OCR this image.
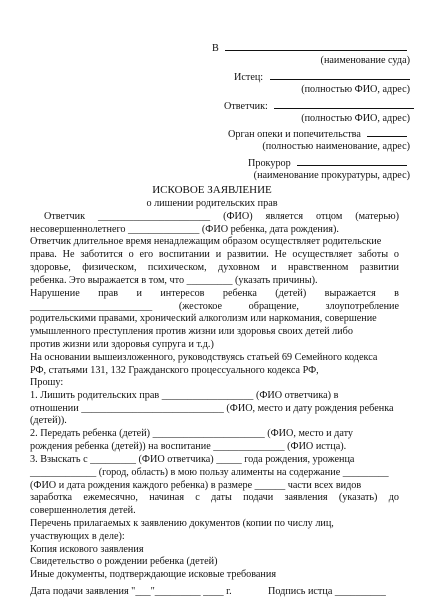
В
(наименование суда)
Истец:
(полностью ФИО, адрес)
Ответчик:
(полностью ФИО, адрес)
Орган опеки и попечительства
(полностью наименование, адрес)
Прокурор
(наименование прокуратуры, адрес)
ИСКОВОЕ ЗАЯВЛЕНИЕ
о лишении родительских прав
Ответчик ______________________ (ФИО) является отцом (матерью)
несовершеннолетнего ______________ (ФИО ребенка, дата рождения).
Ответчик длительное время ненадлежащим образом осуществляет родительские
права. Не заботится о его воспитании и развитии. Не осуществляет заботы о
здоровье, физическом, психическом, духовном и нравственном развитии
ребенка. Это выражается в том, что _________ (указать причины).
Нарушение прав и интересов ребенка (детей) выражается в
________________________ (жестокое обращение, злоупотребление
родительскими правами, хронический алкоголизм или наркомания, совершение
умышленного преступления против жизни или здоровья своих детей либо
против жизни или здоровья супруга и т.д.)
На основании вышеизложенного, руководствуясь статьей 69 Семейного кодекса
РФ, статьями 131, 132 Гражданского процессуального кодекса РФ,
Прошу:
1. Лишить родительских прав __________________ (ФИО ответчика) в
отношении ____________________________ (ФИО, место и дату рождения ребенка
(детей)).
2. Передать ребенка (детей) ______________________ (ФИО, место и дату
рождения ребенка (детей)) на воспитание ______________ (ФИО истца).
3. Взыскать с _________ (ФИО ответчика) _____ года рождения, уроженца
_____________ (город, область) в мою пользу алименты на содержание _________
(ФИО и дата рождения каждого ребенка) в размере ______ части всех видов
заработка ежемесячно, начиная с даты подачи заявления (указать) до
совершеннолетия детей.
Перечень прилагаемых к заявлению документов (копии по числу лиц,
участвующих в деле):
Копия искового заявления
Свидетельство о рождении ребенка (детей)
Иные документы, подтверждающие исковые требования
Дата подачи заявления "___"_________ ____ г.	Подпись истца __________
